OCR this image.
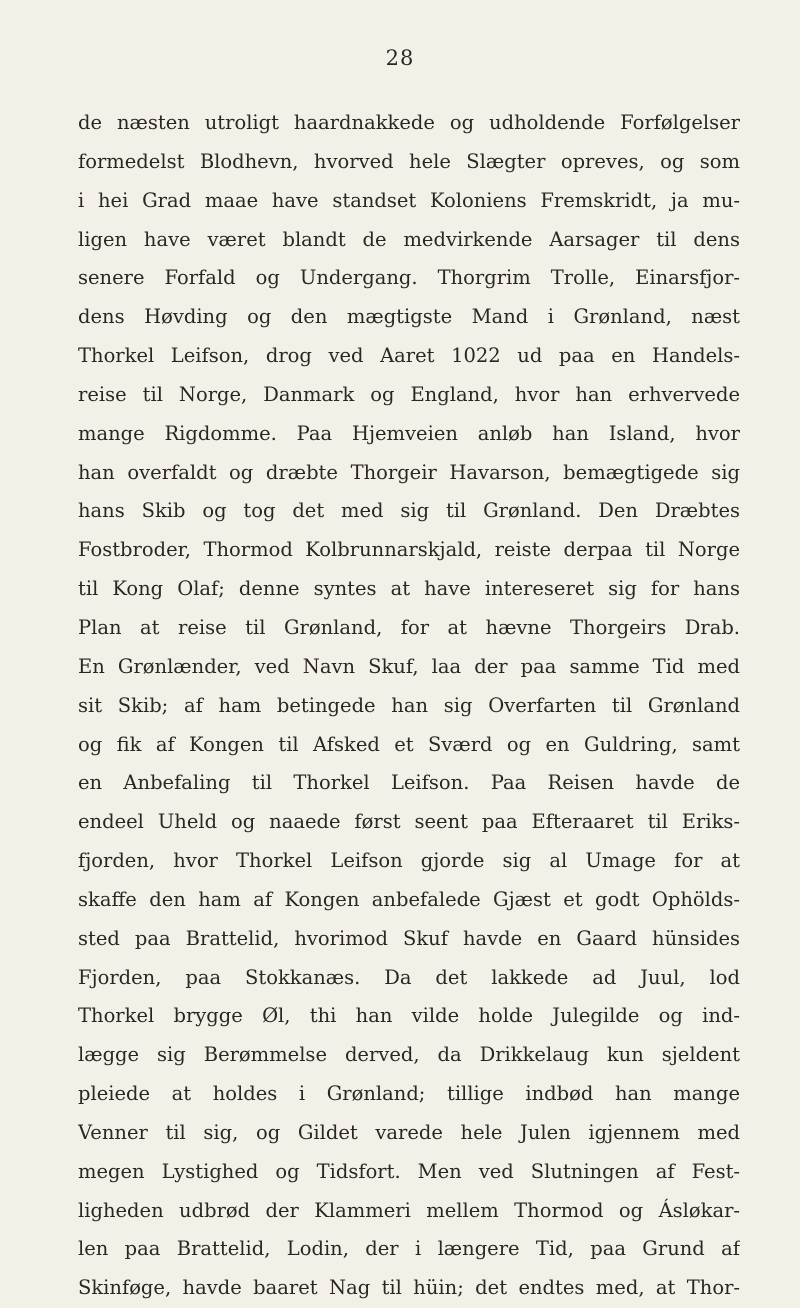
28
de næsten utroligt haardnakkede og udholdende Forfølgelser
formedelst Blodhevn, hvorved hele Slægter opreves, og som
i hei Grad maae have standset Koloniens Fremskridt, ja mu-
ligen have været blandt de medvirkende Aarsager til dens
senere Forfald og Undergang. Thorgrim Trolle, Einarsfjor-
dens Høvding og den mægtigste Mand i Grønland, næst
Thorkel Leifson, drog ved Aaret 1022 ud paa en Handels-
reise til Norge, Danmark og England, hvor han erhvervede
mange Rigdomme. Paa Hjemveien anløb han Island, hvor
han overfaldt og dræbte Thorgeir Havarson, bemægtigede sig
hans Skib og tog det med sig til Grønland. Den Dræbtes
Fostbroder, Thormod Kolbrunnarskjald, reiste derpaa til Norge
til Kong Olaf; denne syntes at have intereseret sig for hans
Plan at reise til Grønland, for at hævne Thorgeirs Drab.
En Grønlænder, ved Navn Skuf, laa der paa samme Tid med
sit Skib; af ham betingede han sig Overfarten til Grønland
og fik af Kongen til Afsked et Sværd og en Guldring, samt
en Anbefaling til Thorkel Leifson. Paa Reisen havde de
endeel Uheld og naaede først seent paa Efteraaret til Eriks-
fjorden, hvor Thorkel Leifson gjorde sig al Umage for at
skaffe den ham af Kongen anbefalede Gjæst et godt Ophölds-
sted paa Brattelid, hvorimod Skuf havde en Gaard hünsides
Fjorden, paa Stokkanæs. Da det lakkede ad Juul, lod
Thorkel brygge Øl, thi han vilde holde Julegilde og ind-
lægge sig Berømmelse derved, da Drikkelaug kun sjeldent
pleiede at holdes i Grønland; tillige indbød han mange
Venner til sig, og Gildet varede hele Julen igjennem med
megen Lystighed og Tidsfort. Men ved Slutningen af Fest-
ligheden udbrød der Klammeri mellem Thormod og Ásløkar-
len paa Brattelid, Lodin, der i længere Tid, paa Grund af
Skinføge, havde baaret Nag til hüin; det endtes med, at Thor-
